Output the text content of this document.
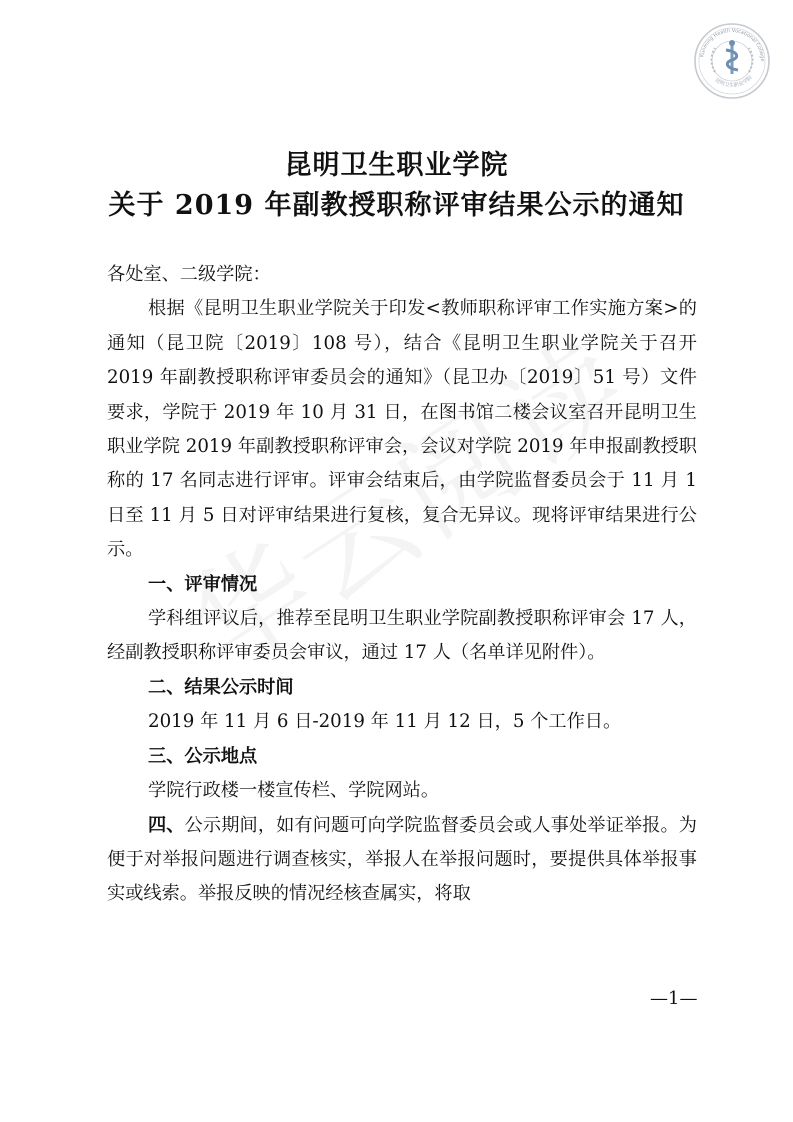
Kunming Health Vocational College
昆明卫生职业学院
昆明卫生职业学院
关于 2019 年副教授职称评审结果公示的通知

各处室、二级学院：

根据《昆明卫生职业学院关于印发<教师职称评审工作实施方案>的通知（昆卫院〔2019〕108 号），结合《昆明卫生职业学院关于召开 2019 年副教授职称评审委员会的通知》（昆卫办〔2019〕51 号）文件要求，学院于 2019 年 10 月 31 日，在图书馆二楼会议室召开昆明卫生职业学院 2019 年副教授职称评审会，会议对学院 2019 年申报副教授职称的 17 名同志进行评审。评审会结束后，由学院监督委员会于 11 月 1 日至 11 月 5 日对评审结果进行复核，复合无异议。现将评审结果进行公示。

一、评审情况

学科组评议后，推荐至昆明卫生职业学院副教授职称评审会 17 人，经副教授职称评审委员会审议，通过 17 人（名单详见附件）。

二、结果公示时间

2019 年 11 月 6 日-2019 年 11 月 12 日，5 个工作日。

三、公示地点

学院行政楼一楼宣传栏、学院网站。

四、公示期间，如有问题可向学院监督委员会或人事处举证举报。为便于对举报问题进行调查核实，举报人在举报问题时，要提供具体举报事实或线索。举报反映的情况经核查属实，将取

—1—
